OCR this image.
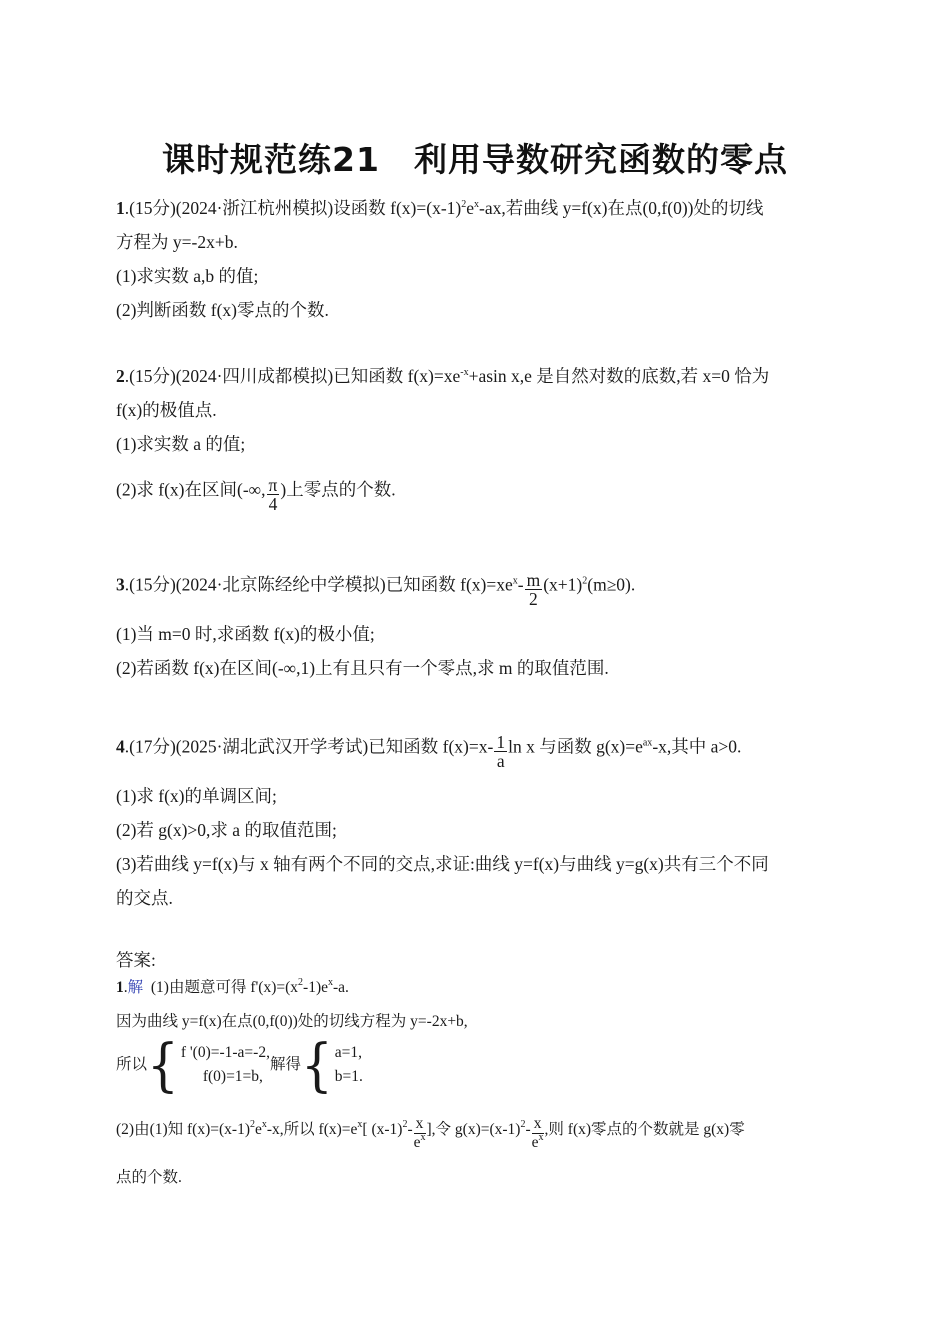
课时规范练21　利用导数研究函数的零点
1.(15分)(2024·浙江杭州模拟)设函数 $f(x)=(x-1)^2e^x-ax$,若曲线 y=f(x)在点(0,f(0))处的切线
方程为 y=-2x+b.
(1)求实数 a,b 的值;
(2)判断函数 f(x)零点的个数.
2.(15分)(2024·四川成都模拟)已知函数 $f(x)=xe^{-x}+asin$ x,e 是自然对数的底数,若 x=0 恰为
f(x)的极值点.
(1)求实数 a 的值;
(2)求 f(x)在区间(-∞, $\frac{\pi}{4}$ )上零点的个数.
3.(15分)(2024·北京陈经纶中学模拟)已知函数 $f(x)=xe^x- \frac{m}{2} (x+1)^2(m\ge 0)$.
(1)当 m=0 时,求函数 f(x)的极小值;
(2)若函数 f(x)在区间(-∞,1)上有且只有一个零点,求 m 的取值范围.
4.(17分)(2025·湖北武汉开学考试)已知函数 $f(x)=x- \frac{1}{a}$ ln x 与函数 $g(x)=e^{ax}-x$,其中 a>0.
(1)求 f(x)的单调区间;
(2)若 g(x)>0,求 a 的取值范围;
(3)若曲线 y=f(x)与 x 轴有两个不同的交点,求证:曲线 y=f(x)与曲线 y=g(x)共有三个不同
的交点.
答案:
1.解 (1)由题意可得 $f'(x)=(x^2-1)e^x-a$.
因为曲线 y=f(x)在点(0,f(0))处的切线方程为 y=-2x+b,
所以{ f '(0)=-1-a=-2,
f(0)=1=b,
解得{ a=1,
b=1.
(2)由(1)知 $f(x)=(x-1)^2e^x-x$,所以 $f(x)=e^x$[ $(x-1)^2- \frac{x}{e^x}$ ],令 $g(x)=(x-1)^2- \frac{x}{e^x}$ ,则 f(x)零点的个数就是 g(x)零
点的个数.
